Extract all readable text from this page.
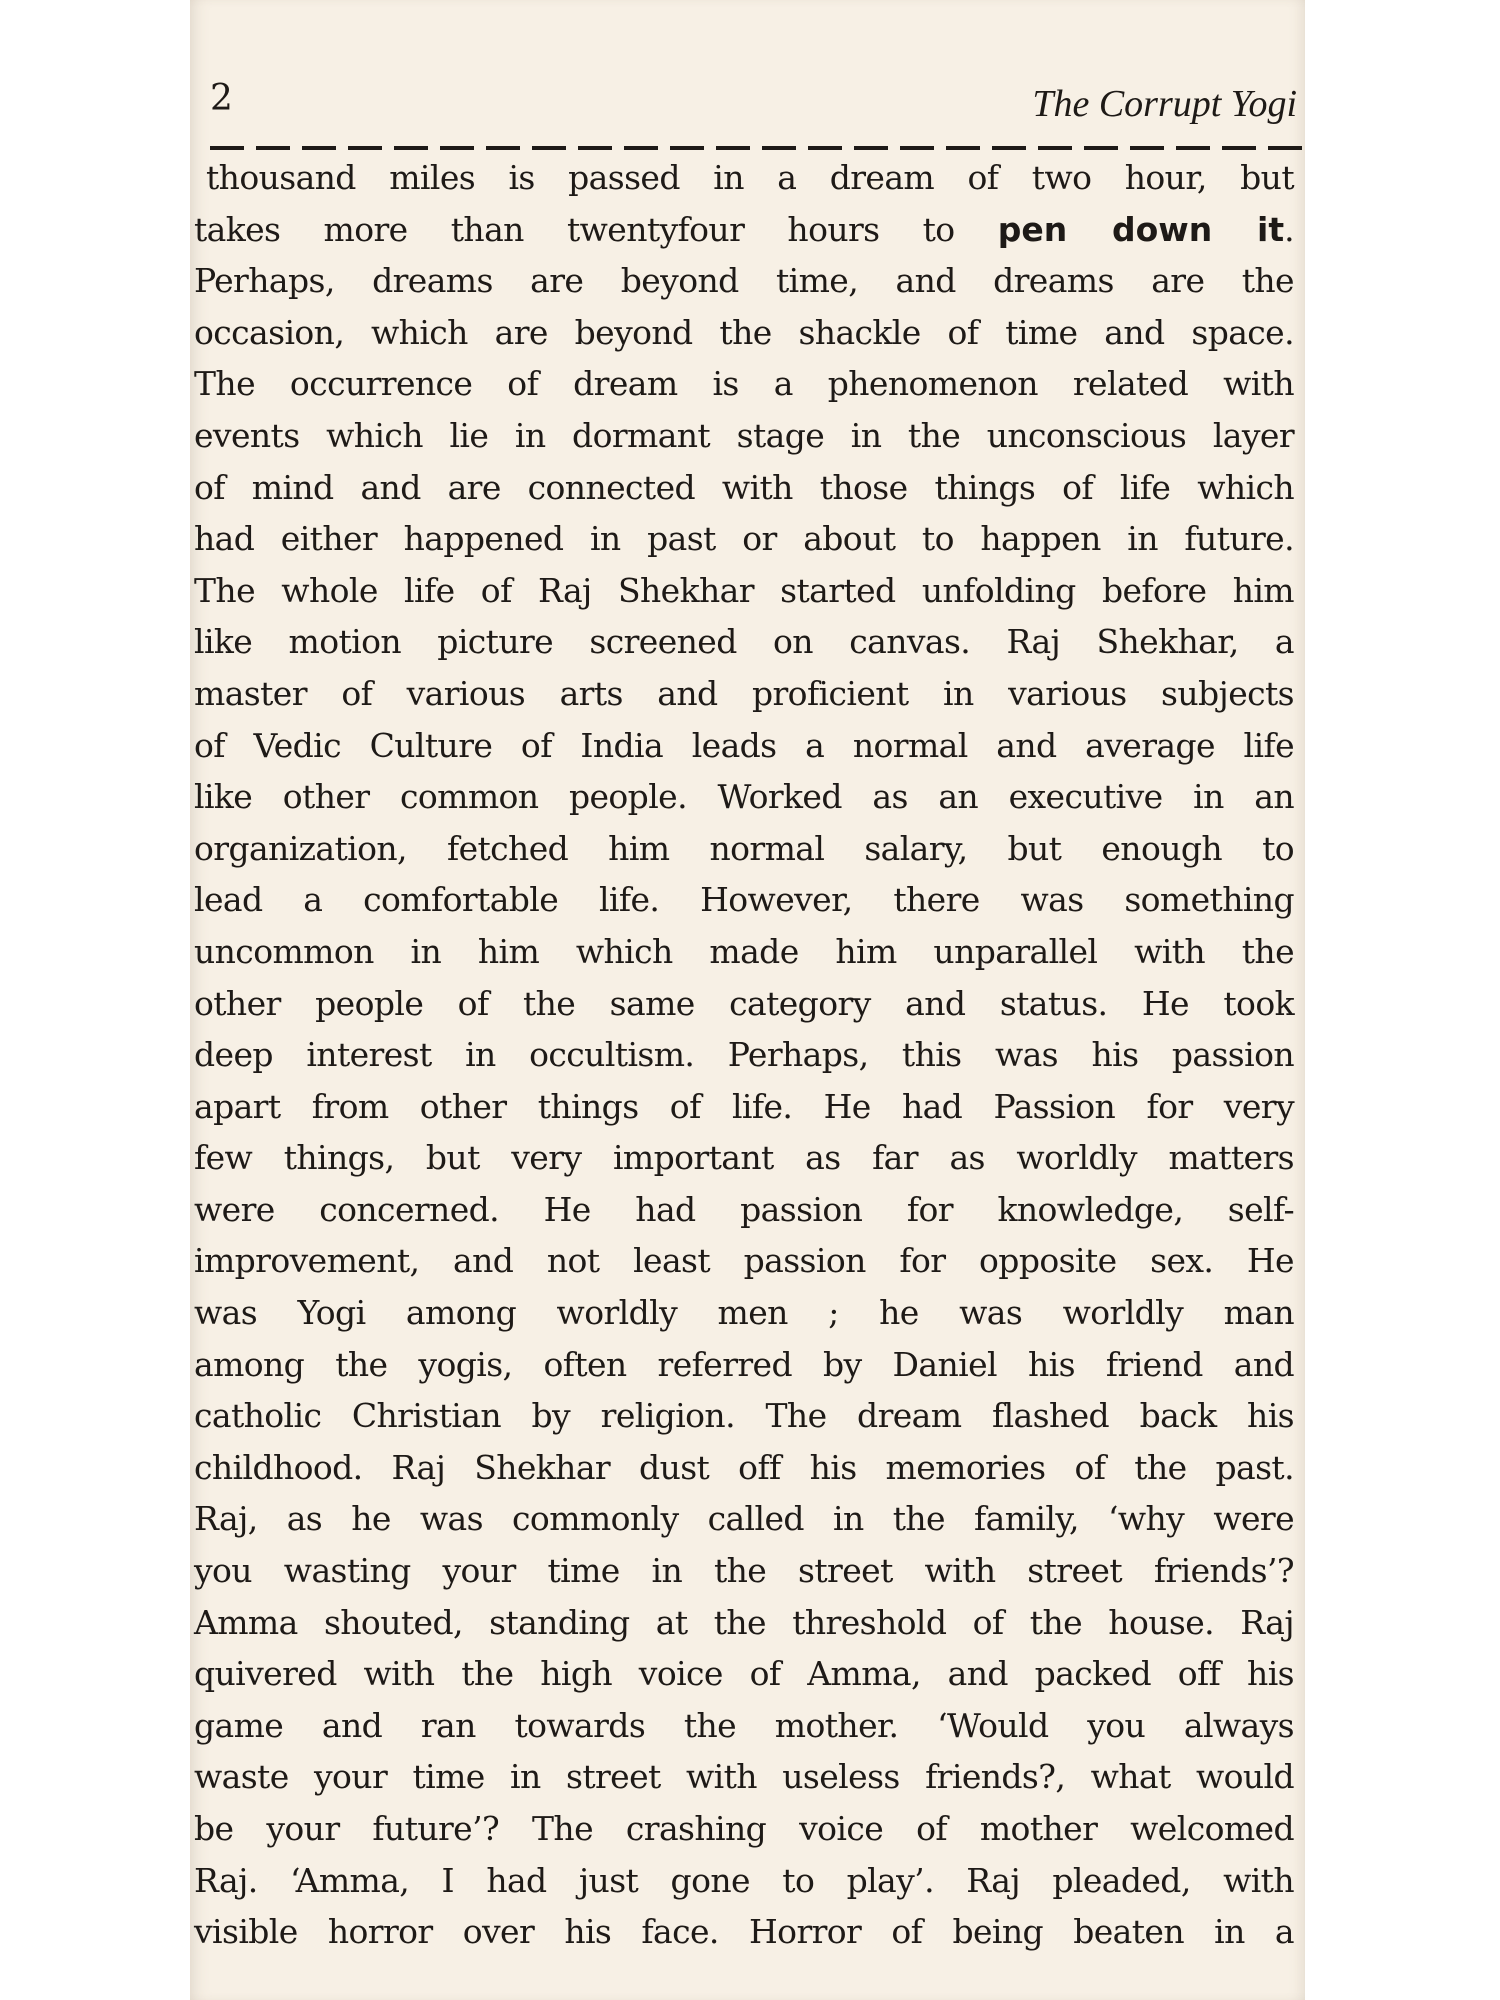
2	The Corrupt Yogi
thousand miles is passed in a dream of two hour, but
takes more than twentyfour hours to pen down it.
Perhaps, dreams are beyond time, and dreams are the
occasion, which are beyond the shackle of time and space.
The occurrence of dream is a phenomenon related with
events which lie in dormant stage in the unconscious layer
of mind and are connected with those things of life which
had either happened in past or about to happen in future.
The whole life of Raj Shekhar started unfolding before him
like motion picture screened on canvas. Raj Shekhar, a
master of various arts and proficient in various subjects
of Vedic Culture of India leads a normal and average life
like other common people. Worked as an executive in an
organization, fetched him normal salary, but enough to
lead a comfortable life. However, there was something
uncommon in him which made him unparallel with the
other people of the same category and status. He took
deep interest in occultism. Perhaps, this was his passion
apart from other things of life. He had Passion for very
few things, but very important as far as worldly matters
were concerned. He had passion for knowledge, self-
improvement, and not least passion for opposite sex. He
was Yogi among worldly men ; he was worldly man
among the yogis, often referred by Daniel his friend and
catholic Christian by religion. The dream flashed back his
childhood. Raj Shekhar dust off his memories of the past.
Raj, as he was commonly called in the family, ‘why were
you wasting your time in the street with street friends’?
Amma shouted, standing at the threshold of the house. Raj
quivered with the high voice of Amma, and packed off his
game and ran towards the mother. ‘Would you always
waste your time in street with useless friends?, what would
be your future’? The crashing voice of mother welcomed
Raj. ‘Amma, I had just gone to play’. Raj pleaded, with
visible horror over his face. Horror of being beaten in a
